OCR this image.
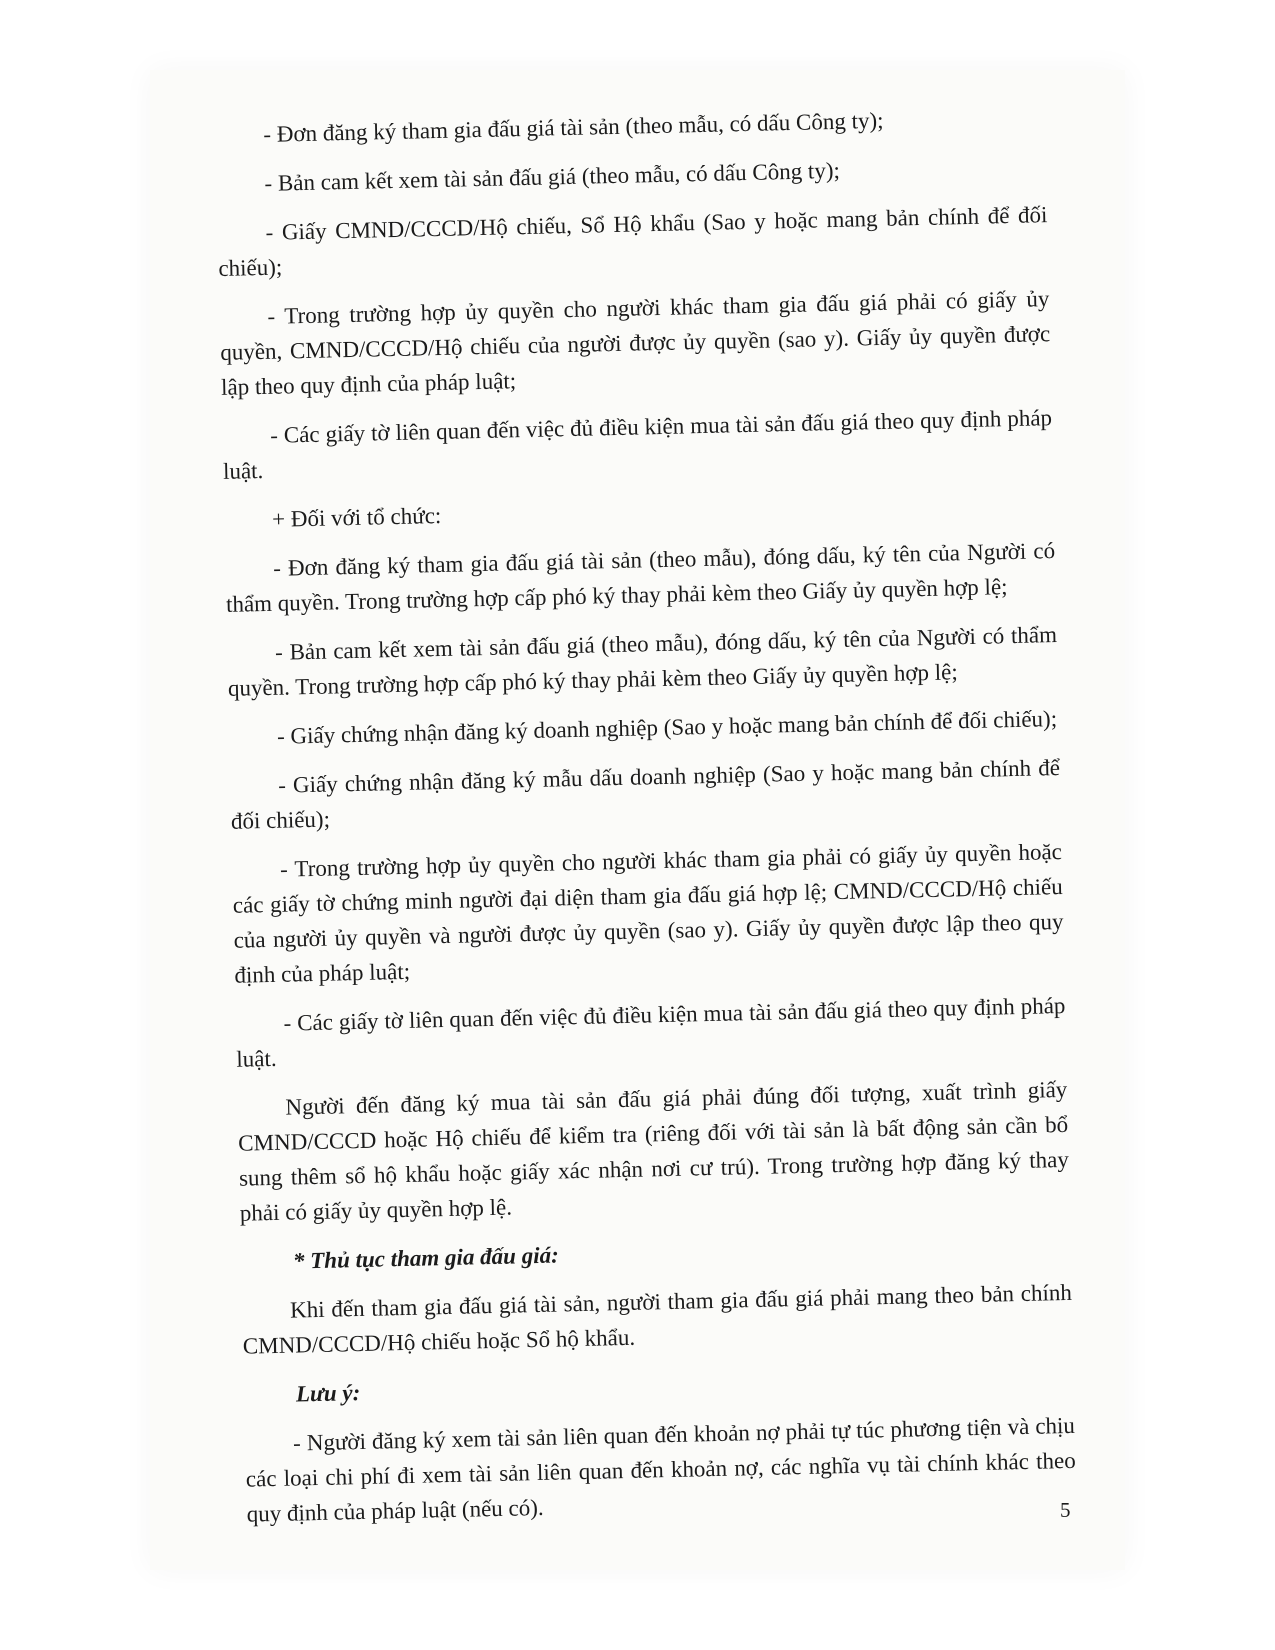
- Đơn đăng ký tham gia đấu giá tài sản (theo mẫu, có dấu Công ty);

- Bản cam kết xem tài sản đấu giá (theo mẫu, có dấu Công ty);

- Giấy CMND/CCCD/Hộ chiếu, Sổ Hộ khẩu (Sao y hoặc mang bản chính để đối chiếu);

- Trong trường hợp ủy quyền cho người khác tham gia đấu giá phải có giấy ủy quyền, CMND/CCCD/Hộ chiếu của người được ủy quyền (sao y). Giấy ủy quyền được lập theo quy định của pháp luật;

- Các giấy tờ liên quan đến việc đủ điều kiện mua tài sản đấu giá theo quy định pháp luật.

+ Đối với tổ chức:

- Đơn đăng ký tham gia đấu giá tài sản (theo mẫu), đóng dấu, ký tên của Người có thẩm quyền. Trong trường hợp cấp phó ký thay phải kèm theo Giấy ủy quyền hợp lệ;

- Bản cam kết xem tài sản đấu giá (theo mẫu), đóng dấu, ký tên của Người có thẩm quyền. Trong trường hợp cấp phó ký thay phải kèm theo Giấy ủy quyền hợp lệ;

- Giấy chứng nhận đăng ký doanh nghiệp (Sao y hoặc mang bản chính để đối chiếu);

- Giấy chứng nhận đăng ký mẫu dấu doanh nghiệp (Sao y hoặc mang bản chính để đối chiếu);

- Trong trường hợp ủy quyền cho người khác tham gia phải có giấy ủy quyền hoặc các giấy tờ chứng minh người đại diện tham gia đấu giá hợp lệ; CMND/CCCD/Hộ chiếu của người ủy quyền và người được ủy quyền (sao y). Giấy ủy quyền được lập theo quy định của pháp luật;

- Các giấy tờ liên quan đến việc đủ điều kiện mua tài sản đấu giá theo quy định pháp luật.

Người đến đăng ký mua tài sản đấu giá phải đúng đối tượng, xuất trình giấy CMND/CCCD hoặc Hộ chiếu để kiểm tra (riêng đối với tài sản là bất động sản cần bổ sung thêm sổ hộ khẩu hoặc giấy xác nhận nơi cư trú). Trong trường hợp đăng ký thay phải có giấy ủy quyền hợp lệ.

* Thủ tục tham gia đấu giá:

Khi đến tham gia đấu giá tài sản, người tham gia đấu giá phải mang theo bản chính CMND/CCCD/Hộ chiếu hoặc Sổ hộ khẩu.

Lưu ý:

- Người đăng ký xem tài sản liên quan đến khoản nợ phải tự túc phương tiện và chịu các loại chi phí đi xem tài sản liên quan đến khoản nợ, các nghĩa vụ tài chính khác theo quy định của pháp luật (nếu có).	5
